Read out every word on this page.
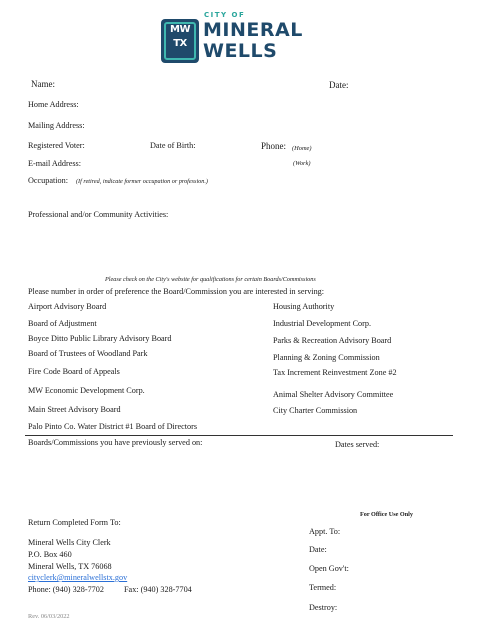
MW
TX
CITY OF
MINERAL
WELLS
Name:	Date:
Home Address:
Mailing Address:
Registered Voter:	Date of Birth:	Phone: (Home)
E-mail Address:	(Work)
Occupation: (If retired, indicate former occupation or profession.)
Professional and/or Community Activities:
Please check on the City's website for qualifications for certain Boards/Commissions
Please number in order of preference the Board/Commission you are interested in serving:
Airport Advisory Board
Board of Adjustment
Boyce Ditto Public Library Advisory Board
Board of Trustees of Woodland Park
Fire Code Board of Appeals
MW Economic Development Corp.
Main Street Advisory Board
Palo Pinto Co. Water District #1 Board of Directors
Housing Authority
Industrial Development Corp.
Parks & Recreation Advisory Board
Planning & Zoning Commission
Tax Increment Reinvestment Zone #2
Animal Shelter Advisory Committee
City Charter Commission
Boards/Commissions you have previously served on:	Dates served:
Return Completed Form To:
Mineral Wells City Clerk
P.O. Box 460
Mineral Wells, TX 76068
cityclerk@mineralwellstx.gov
Phone: (940) 328-7702 Fax: (940) 328-7704
For Office Use Only
Appt. To:
Date:
Open Gov't:
Termed:
Destroy:
Rev. 06/03/2022
